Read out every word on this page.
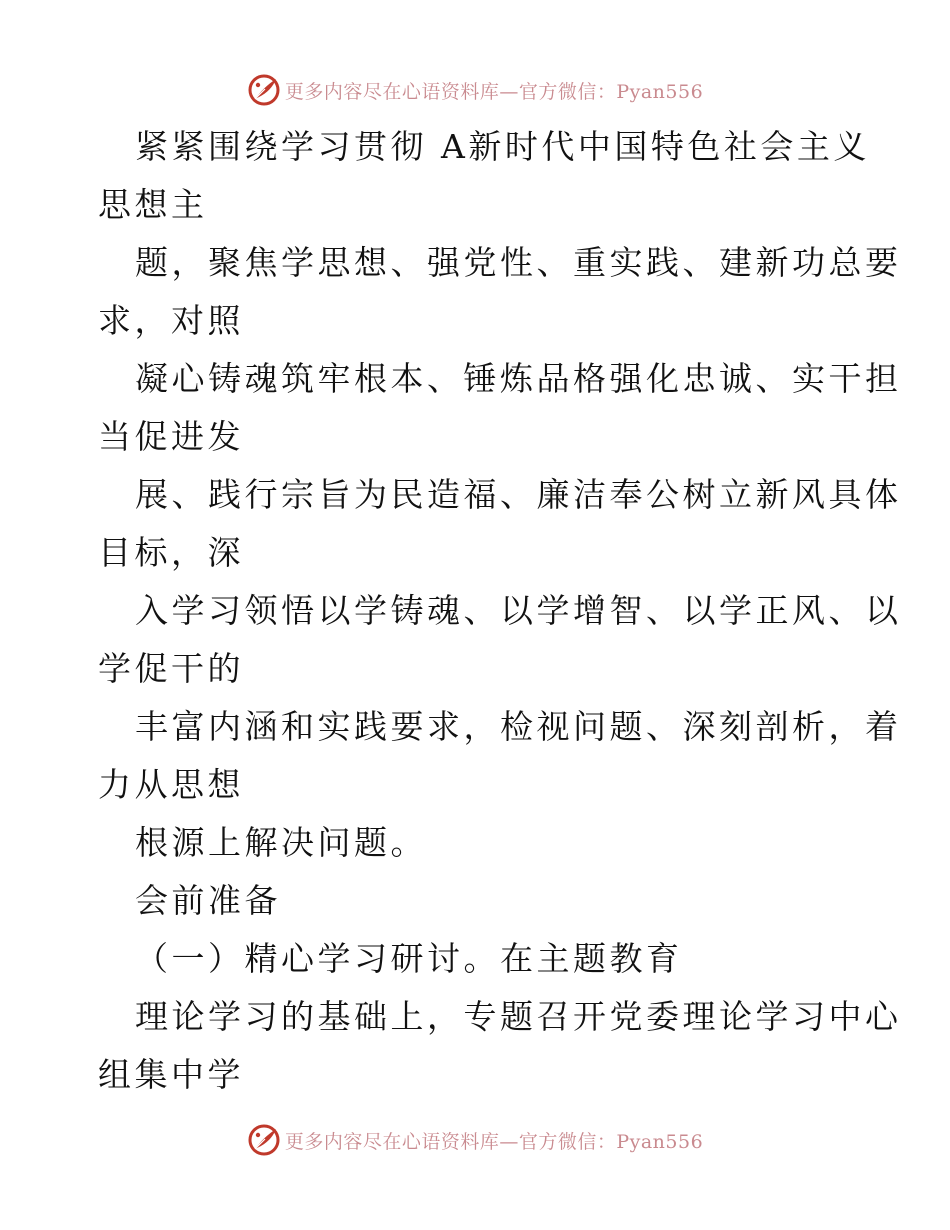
更多内容尽在心语资料库—官方微信：Pyan556
紧紧围绕学习贯彻 A新时代中国特色社会主义
思想主
题，聚焦学思想、强党性、重实践、建新功总要
求，对照
凝心铸魂筑牢根本、锤炼品格强化忠诚、实干担
当促进发
展、践行宗旨为民造福、廉洁奉公树立新风具体
目标，深
入学习领悟以学铸魂、以学增智、以学正风、以
学促干的
丰富内涵和实践要求，检视问题、深刻剖析，着
力从思想
根源上解决问题。
会前准备
（一）精心学习研讨。在主题教育
理论学习的基础上，专题召开党委理论学习中心
组集中学
更多内容尽在心语资料库—官方微信：Pyan556
